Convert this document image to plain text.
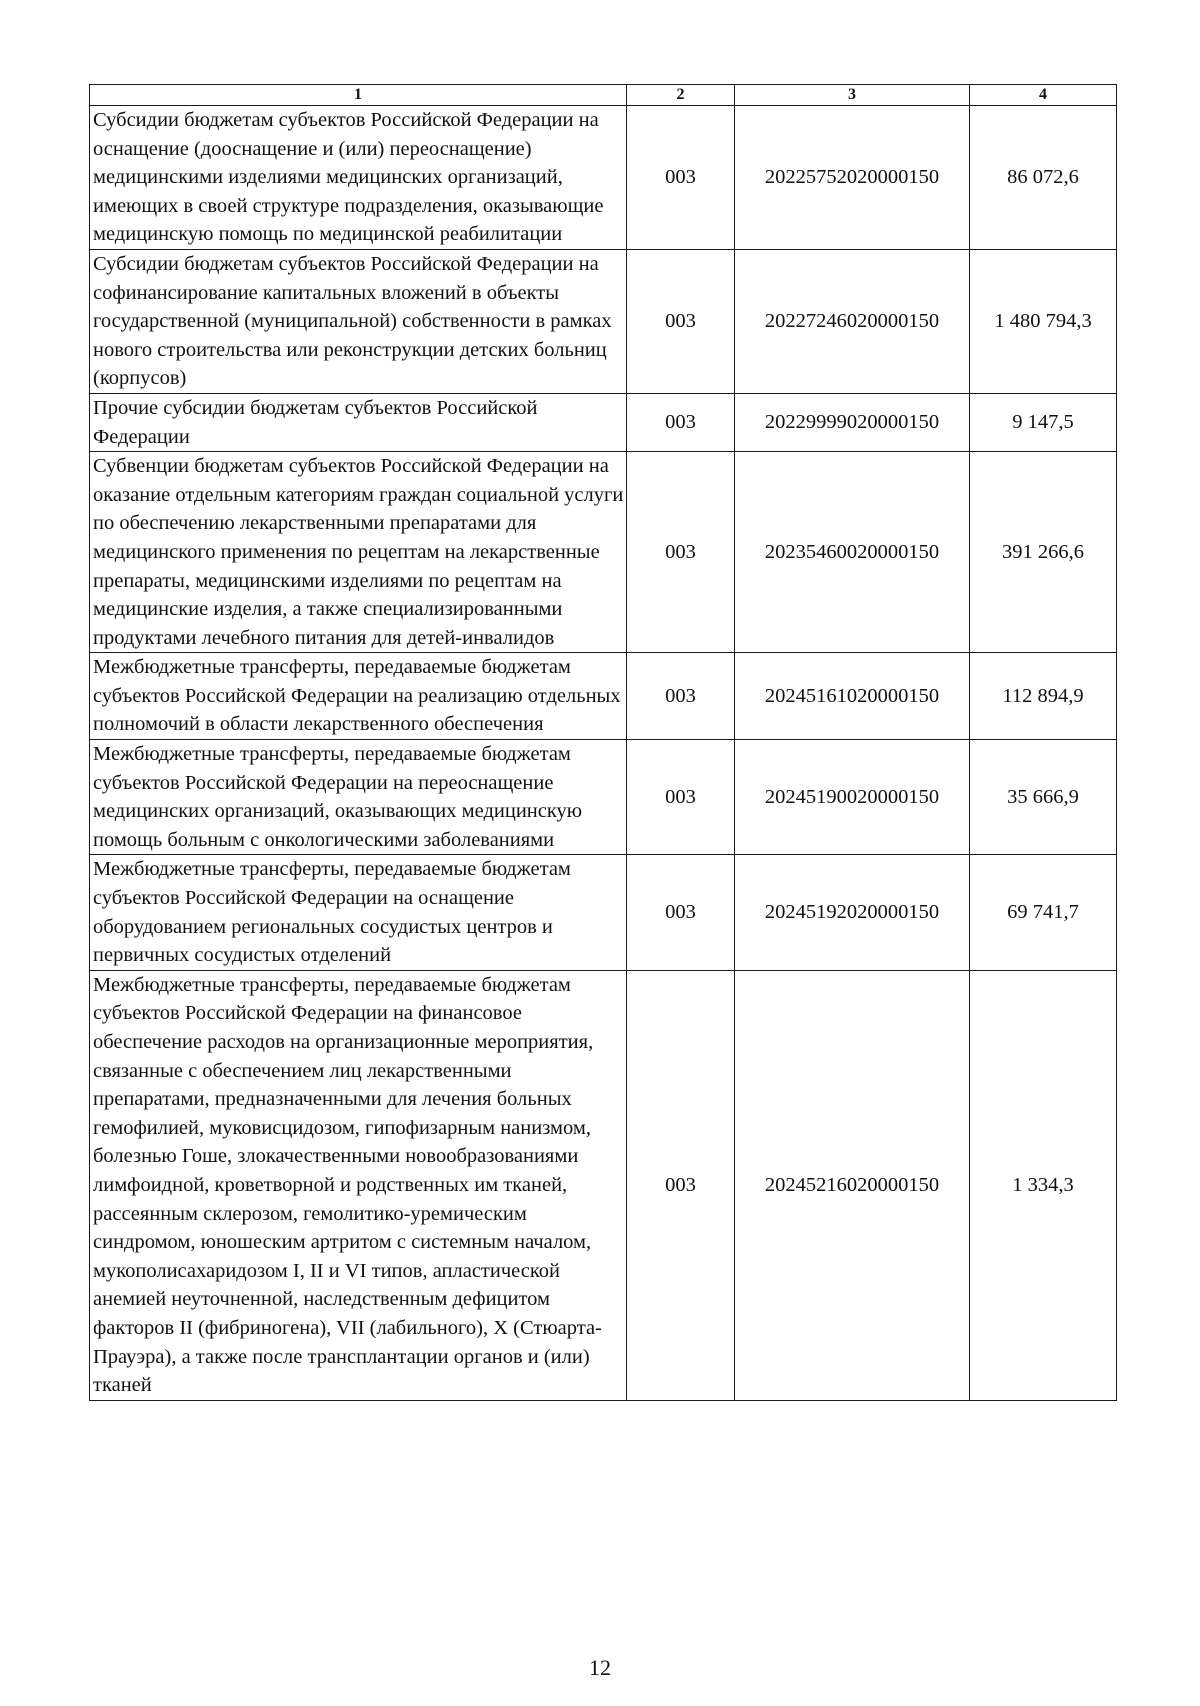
1	2	3	4
Субсидии бюджетам субъектов Российской Федерации на оснащение (дооснащение и (или) переоснащение) медицинскими изделиями медицинских организаций, имеющих в своей структуре подразделения, оказывающие медицинскую помощь по медицинской реабилитации	003	20225752020000150	86 072,6
Субсидии бюджетам субъектов Российской Федерации на софинансирование капитальных вложений в объекты государственной (муниципальной) собственности в рамках нового строительства или реконструкции детских больниц (корпусов)	003	20227246020000150	1 480 794,3
Прочие субсидии бюджетам субъектов Российской Федерации	003	20229999020000150	9 147,5
Субвенции бюджетам субъектов Российской Федерации на оказание отдельным категориям граждан социальной услуги по обеспечению лекарственными препаратами для медицинского применения по рецептам на лекарственные препараты, медицинскими изделиями по рецептам на медицинские изделия, а также специализированными продуктами лечебного питания для детей-инвалидов	003	20235460020000150	391 266,6
Межбюджетные трансферты, передаваемые бюджетам субъектов Российской Федерации на реализацию отдельных полномочий в области лекарственного обеспечения	003	20245161020000150	112 894,9
Межбюджетные трансферты, передаваемые бюджетам субъектов Российской Федерации на переоснащение медицинских организаций, оказывающих медицинскую помощь больным с онкологическими заболеваниями	003	20245190020000150	35 666,9
Межбюджетные трансферты, передаваемые бюджетам субъектов Российской Федерации на оснащение оборудованием региональных сосудистых центров и первичных сосудистых отделений	003	20245192020000150	69 741,7
Межбюджетные трансферты, передаваемые бюджетам субъектов Российской Федерации на финансовое обеспечение расходов на организационные мероприятия, связанные с обеспечением лиц лекарственными препаратами, предназначенными для лечения больных гемофилией, муковисцидозом, гипофизарным нанизмом, болезнью Гоше, злокачественными новообразованиями лимфоидной, кроветворной и родственных им тканей, рассеянным склерозом, гемолитико-уремическим синдромом, юношеским артритом с системным началом, мукополисахаридозом I, II и VI типов, апластической анемией неуточненной, наследственным дефицитом факторов II (фибриногена), VII (лабильного), X (Стюарта-Прауэра), а также после трансплантации органов и (или) тканей	003	20245216020000150	1 334,3
12
